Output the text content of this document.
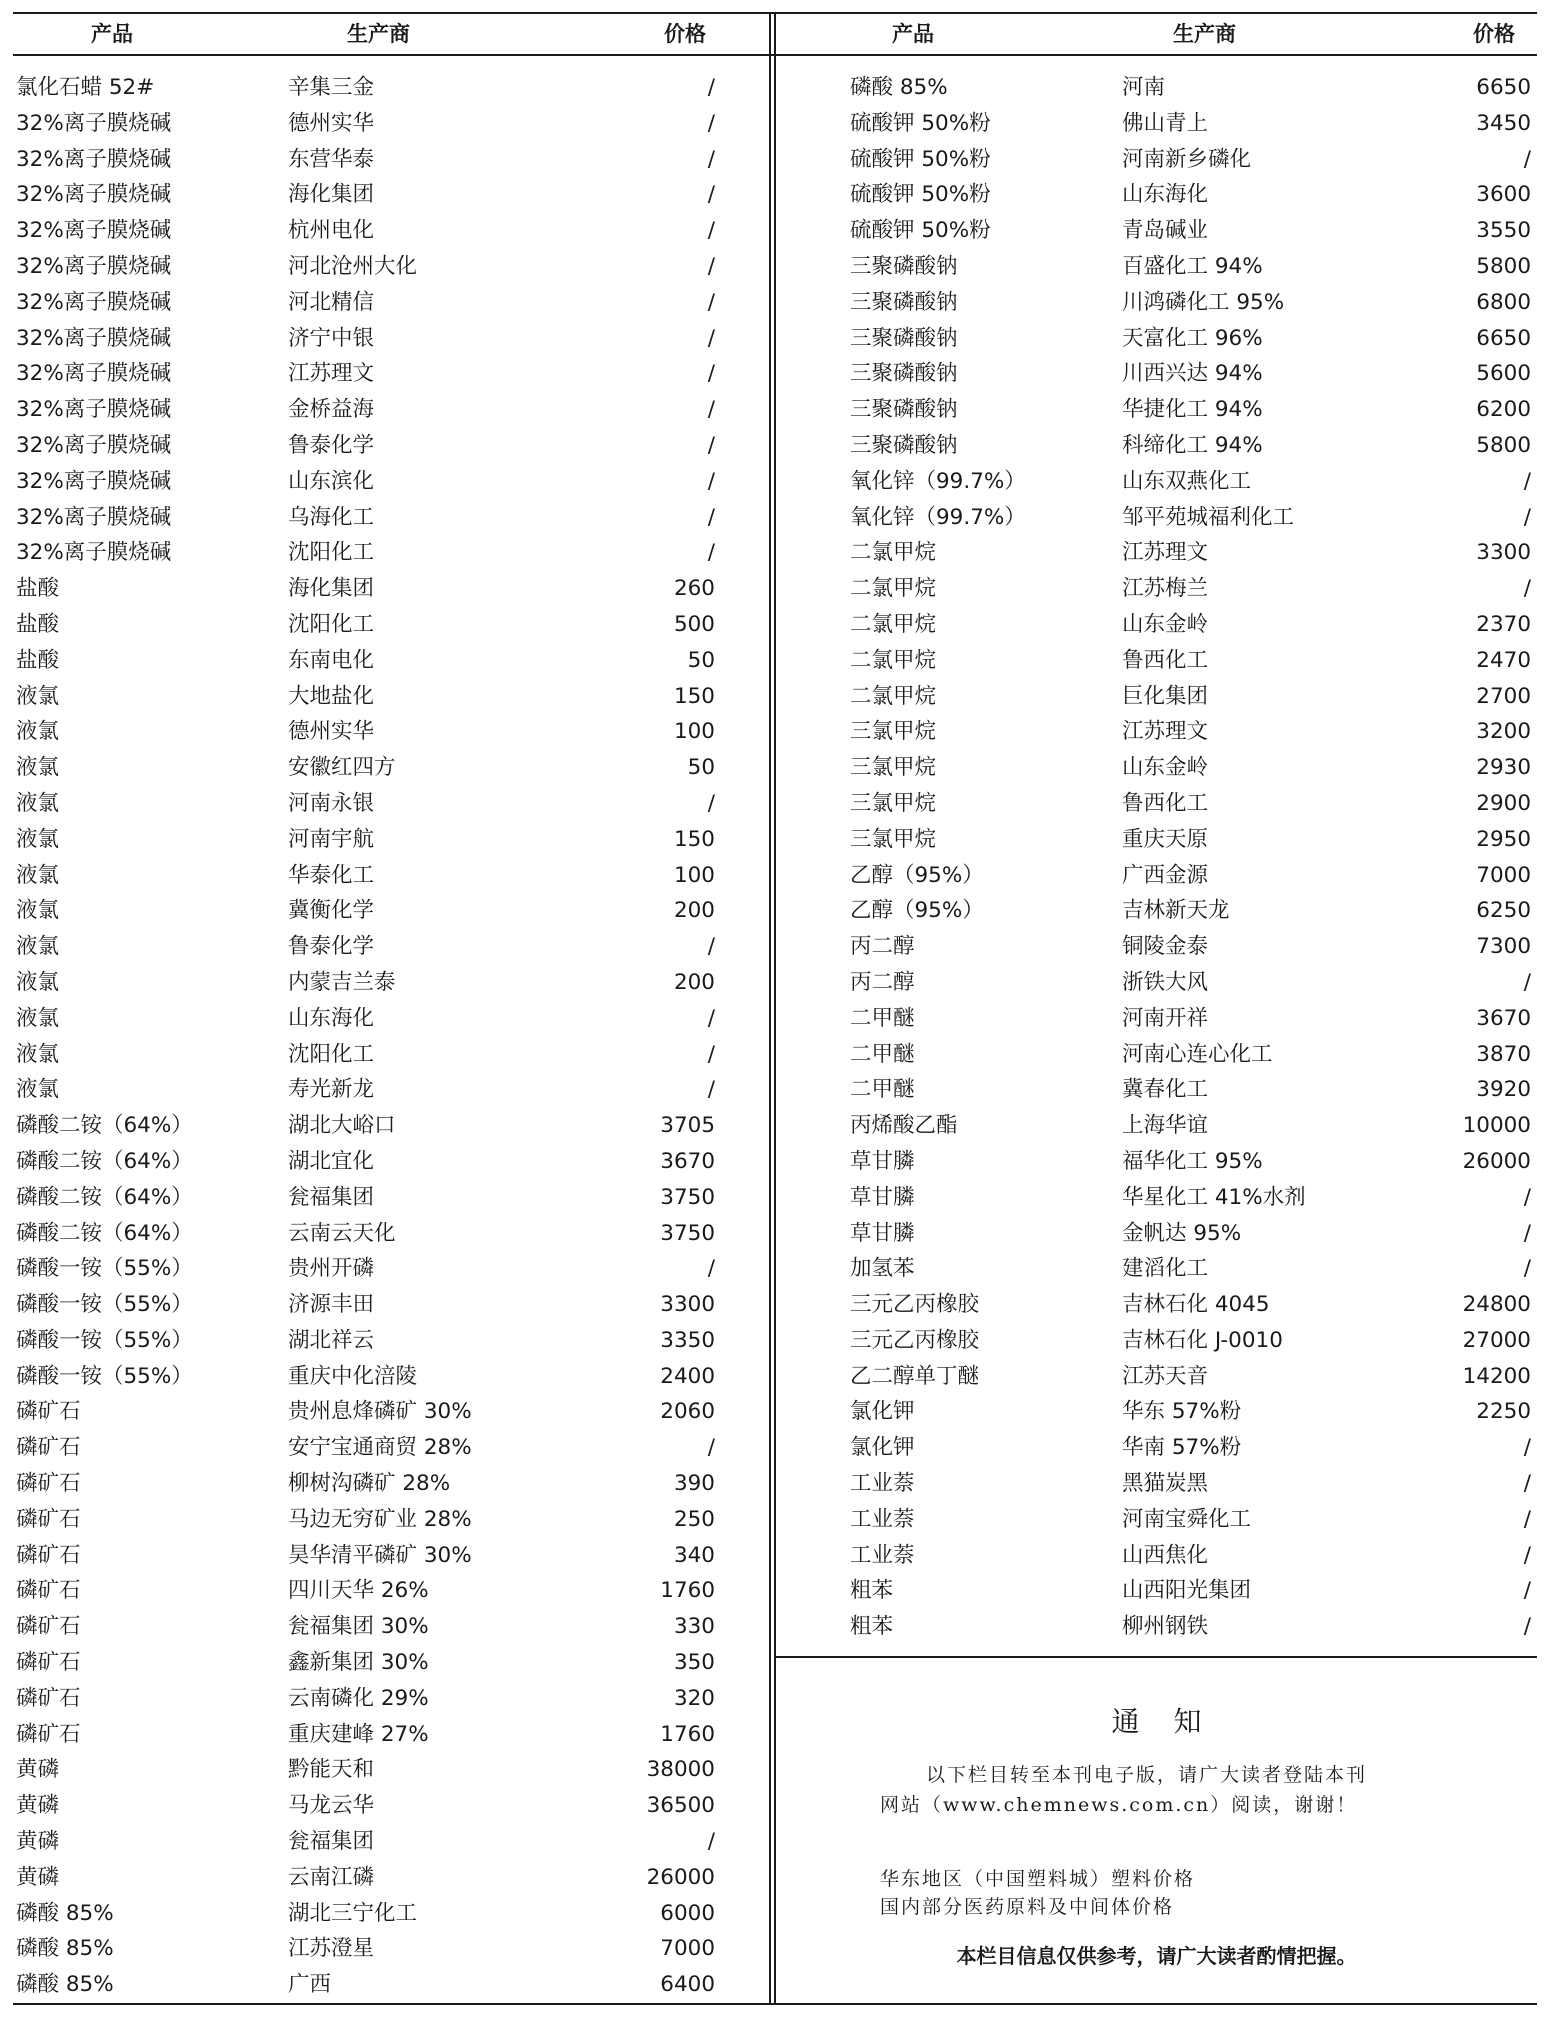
产品	生产商	价格
氯化石蜡 52#	辛集三金	/
32%离子膜烧碱	德州实华	/
32%离子膜烧碱	东营华泰	/
32%离子膜烧碱	海化集团	/
32%离子膜烧碱	杭州电化	/
32%离子膜烧碱	河北沧州大化	/
32%离子膜烧碱	河北精信	/
32%离子膜烧碱	济宁中银	/
32%离子膜烧碱	江苏理文	/
32%离子膜烧碱	金桥益海	/
32%离子膜烧碱	鲁泰化学	/
32%离子膜烧碱	山东滨化	/
32%离子膜烧碱	乌海化工	/
32%离子膜烧碱	沈阳化工	/
盐酸	海化集团	260
盐酸	沈阳化工	500
盐酸	东南电化	50
液氯	大地盐化	150
液氯	德州实华	100
液氯	安徽红四方	50
液氯	河南永银	/
液氯	河南宇航	150
液氯	华泰化工	100
液氯	冀衡化学	200
液氯	鲁泰化学	/
液氯	内蒙吉兰泰	200
液氯	山东海化	/
液氯	沈阳化工	/
液氯	寿光新龙	/
磷酸二铵（64%）	湖北大峪口	3705
磷酸二铵（64%）	湖北宜化	3670
磷酸二铵（64%）	瓮福集团	3750
磷酸二铵（64%）	云南云天化	3750
磷酸一铵（55%）	贵州开磷	/
磷酸一铵（55%）	济源丰田	3300
磷酸一铵（55%）	湖北祥云	3350
磷酸一铵（55%）	重庆中化涪陵	2400
磷矿石	贵州息烽磷矿 30%	2060
磷矿石	安宁宝通商贸 28%	/
磷矿石	柳树沟磷矿 28%	390
磷矿石	马边无穷矿业 28%	250
磷矿石	昊华清平磷矿 30%	340
磷矿石	四川天华 26%	1760
磷矿石	瓮福集团 30%	330
磷矿石	鑫新集团 30%	350
磷矿石	云南磷化 29%	320
磷矿石	重庆建峰 27%	1760
黄磷	黔能天和	38000
黄磷	马龙云华	36500
黄磷	瓮福集团	/
黄磷	云南江磷	26000
磷酸 85%	湖北三宁化工	6000
磷酸 85%	江苏澄星	7000
磷酸 85%	广西	6400
产品	生产商	价格
磷酸 85%	河南	6650
硫酸钾 50%粉	佛山青上	3450
硫酸钾 50%粉	河南新乡磷化	/
硫酸钾 50%粉	山东海化	3600
硫酸钾 50%粉	青岛碱业	3550
三聚磷酸钠	百盛化工 94%	5800
三聚磷酸钠	川鸿磷化工 95%	6800
三聚磷酸钠	天富化工 96%	6650
三聚磷酸钠	川西兴达 94%	5600
三聚磷酸钠	华捷化工 94%	6200
三聚磷酸钠	科缔化工 94%	5800
氧化锌（99.7%）	山东双燕化工	/
氧化锌（99.7%）	邹平苑城福利化工	/
二氯甲烷	江苏理文	3300
二氯甲烷	江苏梅兰	/
二氯甲烷	山东金岭	2370
二氯甲烷	鲁西化工	2470
二氯甲烷	巨化集团	2700
三氯甲烷	江苏理文	3200
三氯甲烷	山东金岭	2930
三氯甲烷	鲁西化工	2900
三氯甲烷	重庆天原	2950
乙醇（95%）	广西金源	7000
乙醇（95%）	吉林新天龙	6250
丙二醇	铜陵金泰	7300
丙二醇	浙铁大风	/
二甲醚	河南开祥	3670
二甲醚	河南心连心化工	3870
二甲醚	冀春化工	3920
丙烯酸乙酯	上海华谊	10000
草甘膦	福华化工 95%	26000
草甘膦	华星化工 41%水剂	/
草甘膦	金帆达 95%	/
加氢苯	建滔化工	/
三元乙丙橡胶	吉林石化 4045	24800
三元乙丙橡胶	吉林石化 J-0010	27000
乙二醇单丁醚	江苏天音	14200
氯化钾	华东 57%粉	2250
氯化钾	华南 57%粉	/
工业萘	黑猫炭黑	/
工业萘	河南宝舜化工	/
工业萘	山西焦化	/
粗苯	山西阳光集团	/
粗苯	柳州钢铁	/
通知
以下栏目转至本刊电子版，请广大读者登陆本刊
网站（www.chemnews.com.cn）阅读，谢谢！
华东地区（中国塑料城）塑料价格
国内部分医药原料及中间体价格
本栏目信息仅供参考，请广大读者酌情把握。
